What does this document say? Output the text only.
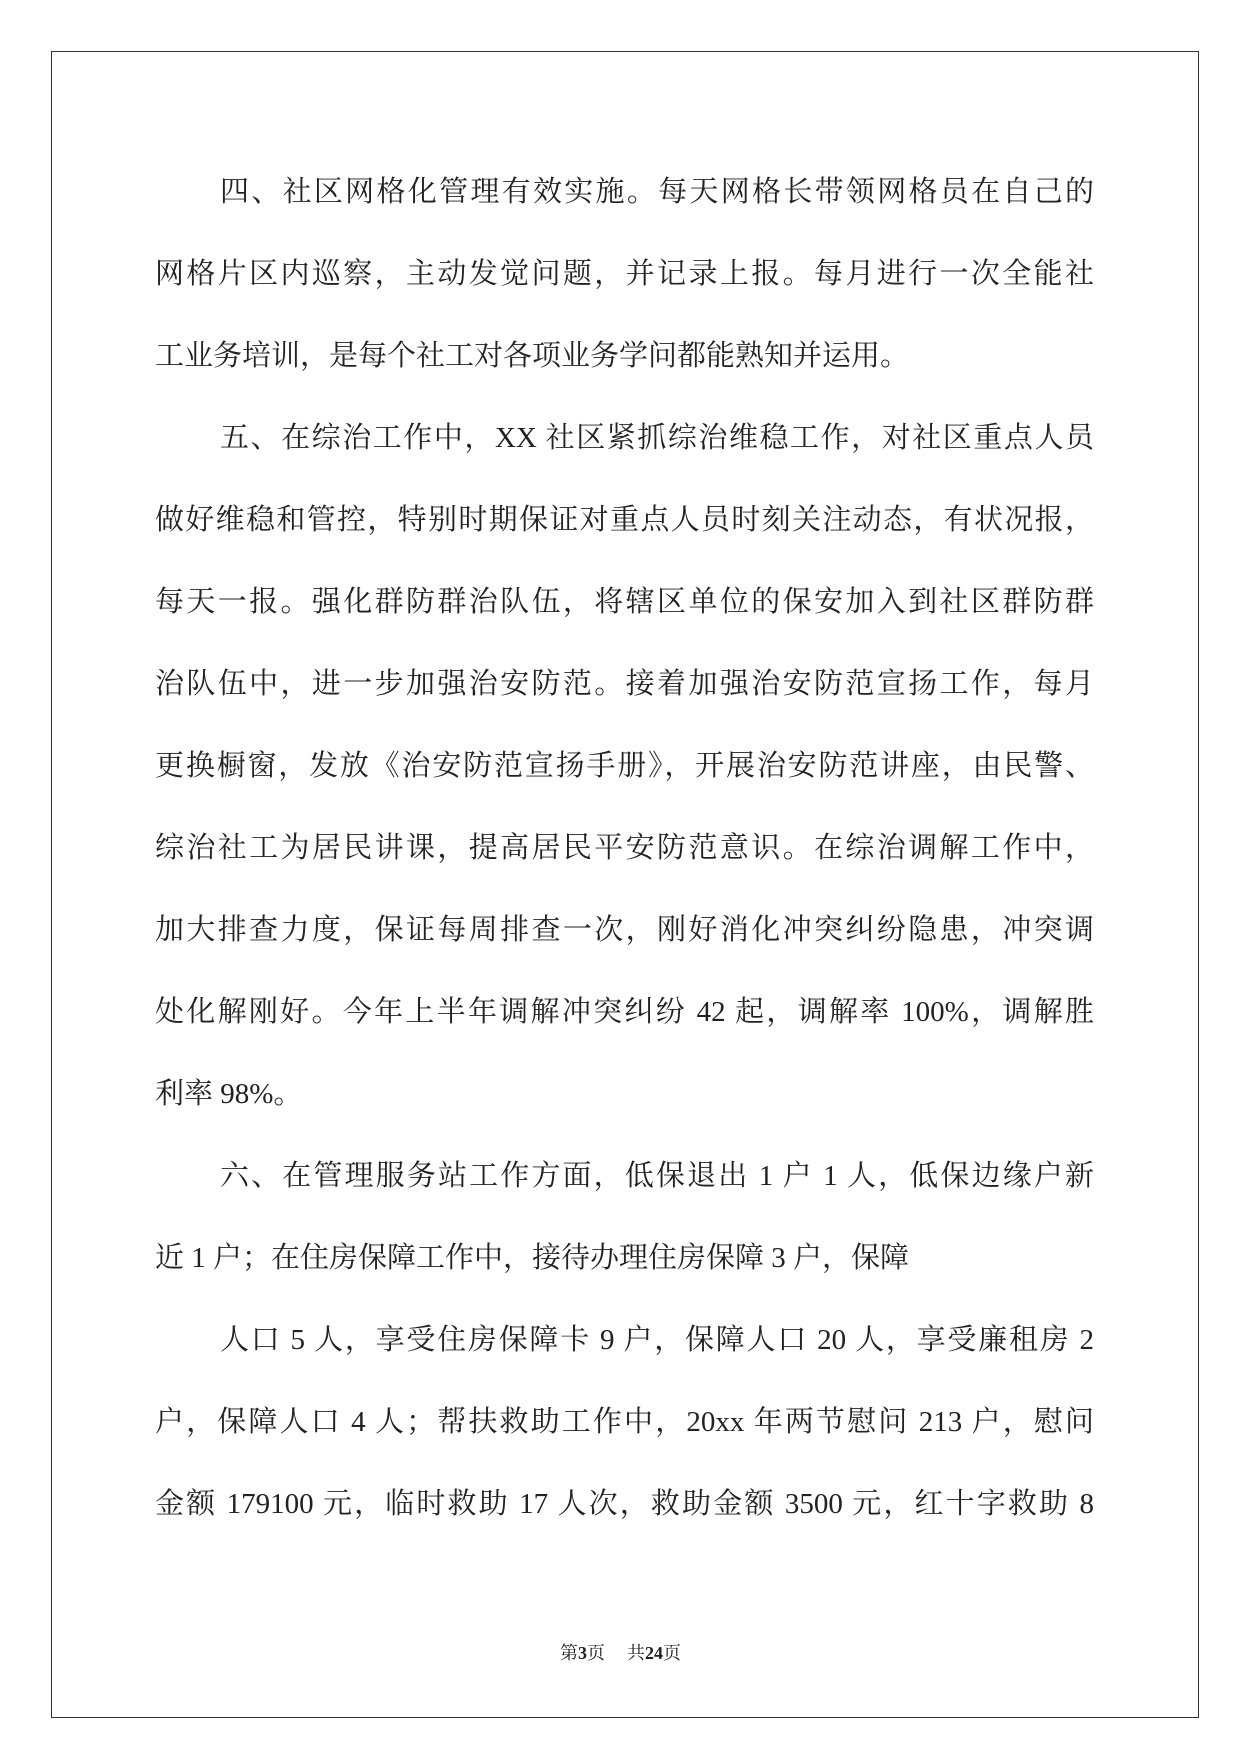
四、社区网格化管理有效实施。每天网格长带领网格员在自己的
网格片区内巡察，主动发觉问题，并记录上报。每月进行一次全能社
工业务培训，是每个社工对各项业务学问都能熟知并运用。
五、在综治工作中，XX 社区紧抓综治维稳工作，对社区重点人员
做好维稳和管控，特别时期保证对重点人员时刻关注动态，有状况报，
每天一报。强化群防群治队伍，将辖区单位的保安加入到社区群防群
治队伍中，进一步加强治安防范。接着加强治安防范宣扬工作，每月
更换橱窗，发放《治安防范宣扬手册》，开展治安防范讲座，由民警、
综治社工为居民讲课，提高居民平安防范意识。在综治调解工作中，
加大排查力度，保证每周排查一次，刚好消化冲突纠纷隐患，冲突调
处化解刚好。今年上半年调解冲突纠纷 42 起，调解率 100%，调解胜
利率 98%。
六、在管理服务站工作方面，低保退出 1 户 1 人，低保边缘户新
近 1 户；在住房保障工作中，接待办理住房保障 3 户，保障
人口 5 人，享受住房保障卡 9 户，保障人口 20 人，享受廉租房 2
户，保障人口 4 人；帮扶救助工作中，20xx 年两节慰问 213 户，慰问
金额 179100 元，临时救助 17 人次，救助金额 3500 元，红十字救助 8
第3页 共24页
